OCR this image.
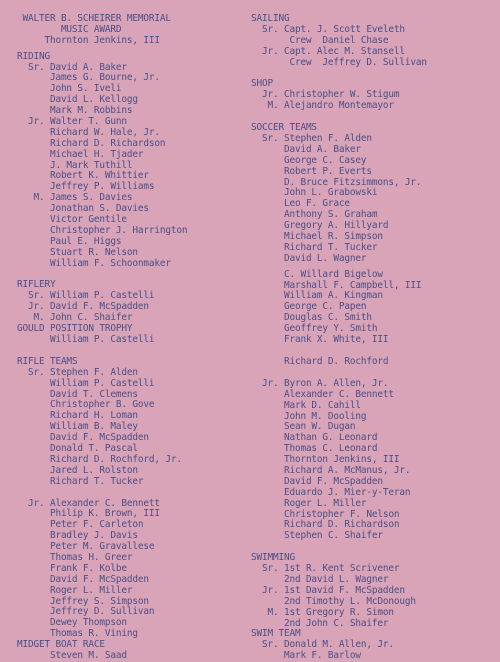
WALTER B. SCHEIRER MEMORIAL
MUSIC AWARD
Thornton Jenkins, III
RIDING
Sr. David A. Baker
James G. Bourne, Jr.
John S. Iveli
David L. Kellogg
Mark M. Robbins
Jr. Walter T. Gunn
Richard W. Hale, Jr.
Richard D. Richardson
Michael H. Tjader
J. Mark Tuthill
Robert K. Whittier
Jeffrey P. Williams
M. James S. Davies
Jonathan S. Davies
Victor Gentile
Christopher J. Harrington
Paul E. Higgs
Stuart R. Nelson
William F. Schoonmaker
RIFLERY
Sr. William P. Castelli
Jr. David F. McSpadden
M. John C. Shaifer
GOULD POSITION TROPHY
William P. Castelli
RIFLE TEAMS
Sr. Stephen F. Alden
William P. Castelli
David T. Clemens
Christopher B. Gove
Richard H. Loman
William B. Maley
David F. McSpadden
Donald T. Pascal
Richard D. Rochford, Jr.
Jared L. Rolston
Richard T. Tucker
Jr. Alexander C. Bennett
Philip K. Brown, III
Peter F. Carleton
Bradley J. Davis
Peter M. Gravallese
Thomas H. Greer
Frank F. Kolbe
David F. McSpadden
Roger L. Miller
Jeffrey S. Simpson
Jeffrey D. Sullivan
Dewey Thompson
Thomas R. Vining
MIDGET BOAT RACE
Steven M. Saad
SAILING
Sr. Capt. J. Scott Eveleth
Crew  Daniel Chase
Jr. Capt. Alec M. Stansell
Crew  Jeffrey D. Sullivan
SHOP
Jr. Christopher W. Stigum
M. Alejandro Montemayor
SOCCER TEAMS
Sr. Stephen F. Alden
David A. Baker
George C. Casey
Robert P. Everts
D. Bruce Fitzsimmons, Jr.
John L. Grabowski
Leo F. Grace
Anthony S. Graham
Gregory A. Hillyard
Michael R. Simpson
Richard T. Tucker
David L. Wagner
C. Willard Bigelow
Marshall F. Campbell, III
William A. Kingman
George C. Papen
Douglas C. Smith
Geoffrey Y. Smith
Frank X. White, III
Richard D. Rochford
Jr. Byron A. Allen, Jr.
Alexander C. Bennett
Mark D. Cahill
John M. Dooling
Sean W. Dugan
Nathan G. Leonard
Thomas C. Leonard
Thornton Jenkins, III
Richard A. McManus, Jr.
David F. McSpadden
Eduardo J. Mier-y-Teran
Roger L. Miller
Christopher F. Nelson
Richard D. Richardson
Stephen C. Shaifer
SWIMMING
Sr. 1st R. Kent Scrivener
2nd David L. Wagner
Jr. 1st David F. McSpadden
2nd Timothy L. McDonough
M. 1st Gregory R. Simon
2nd John C. Shaifer
SWIM TEAM
Sr. Donald M. Allen, Jr.
Mark F. Barlow
